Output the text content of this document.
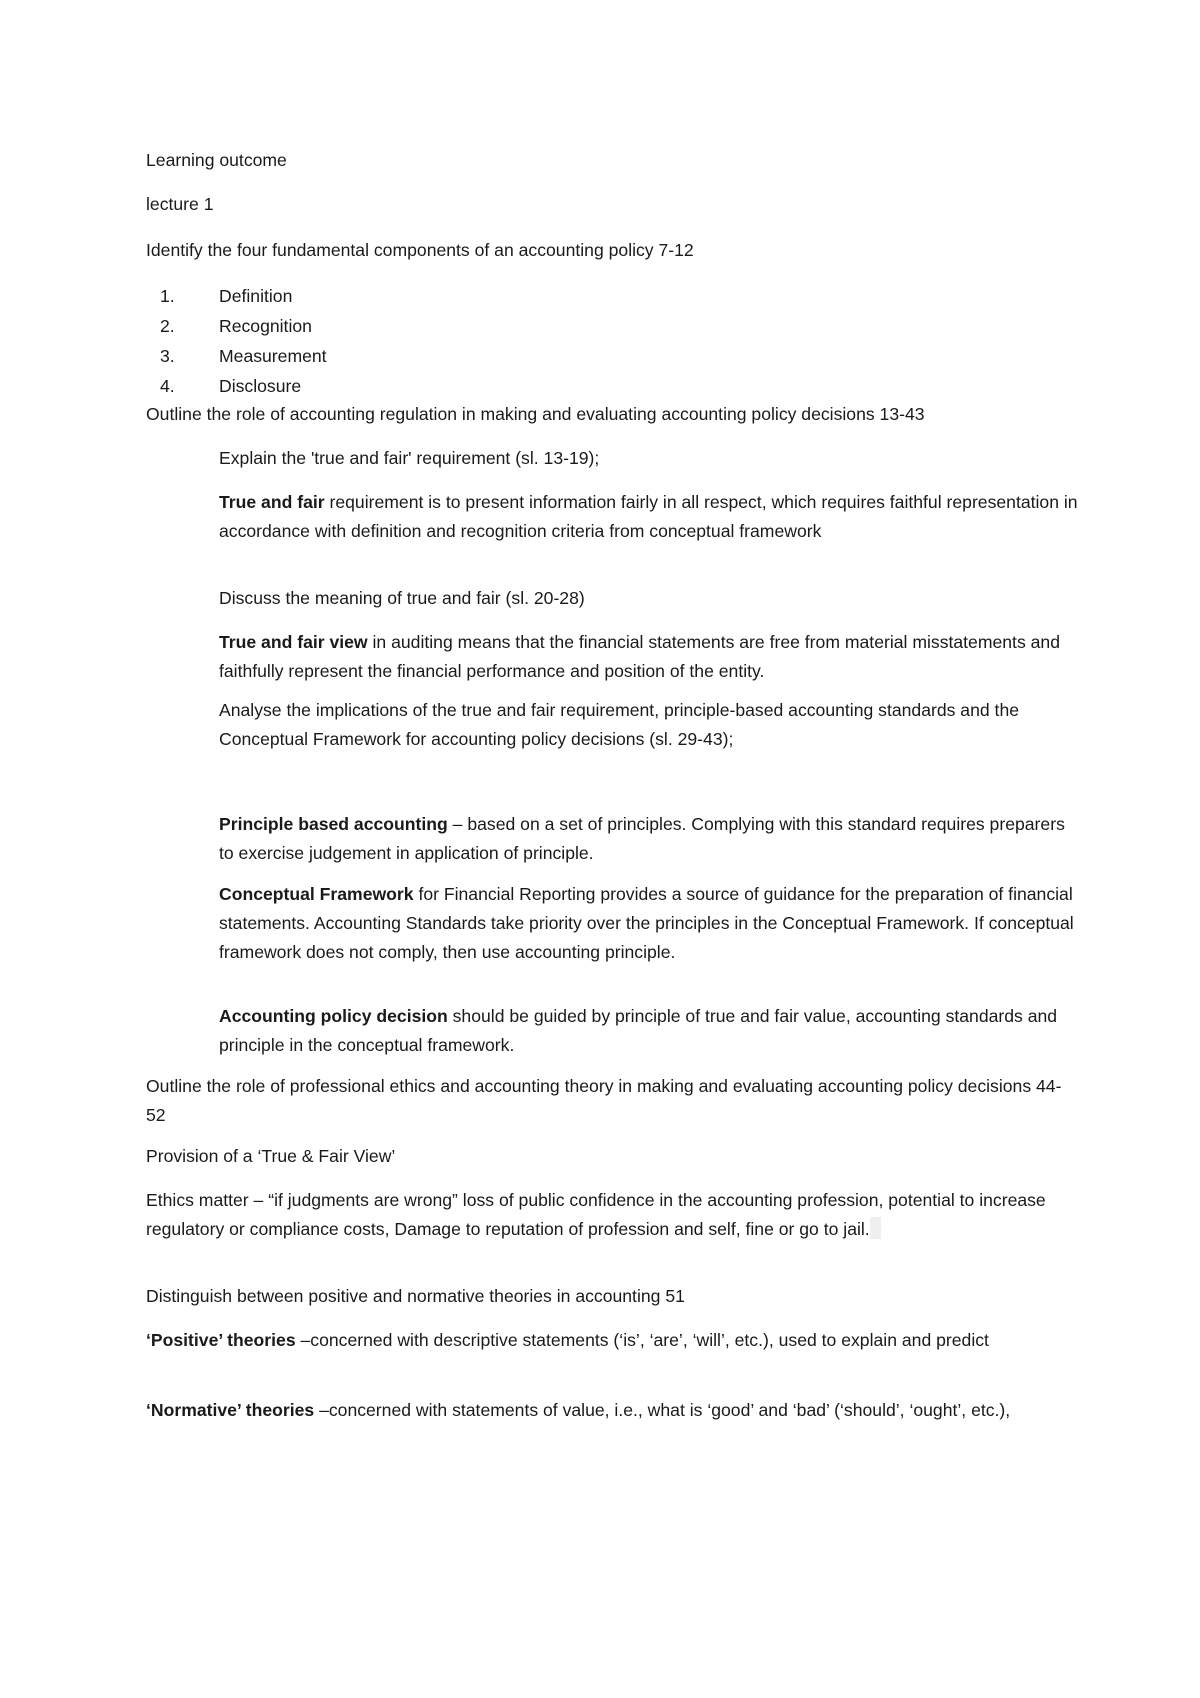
Learning outcome

lecture 1

Identify the four fundamental components of an accounting policy 7-12

1.	Definition
2.	Recognition
3.	Measurement
4.	Disclosure

Outline the role of accounting regulation in making and evaluating accounting policy decisions 13-43

Explain the 'true and fair' requirement (sl. 13-19);

True and fair requirement is to present information fairly in all respect, which requires faithful representation in accordance with definition and recognition criteria from conceptual framework

Discuss the meaning of true and fair (sl. 20-28)

True and fair view in auditing means that the financial statements are free from material misstatements and faithfully represent the financial performance and position of the entity.

Analyse the implications of the true and fair requirement, principle-based accounting standards and the Conceptual Framework for accounting policy decisions (sl. 29-43);

Principle based accounting – based on a set of principles. Complying with this standard requires preparers to exercise judgement in application of principle.

Conceptual Framework for Financial Reporting provides a source of guidance for the preparation of financial statements. Accounting Standards take priority over the principles in the Conceptual Framework. If conceptual framework does not comply, then use accounting principle.

Accounting policy decision should be guided by principle of true and fair value, accounting standards and principle in the conceptual framework.

Outline the role of professional ethics and accounting theory in making and evaluating accounting policy decisions 44-52

Provision of a ‘True & Fair View’

Ethics matter – “if judgments are wrong” loss of public confidence in the accounting profession, potential to increase regulatory or compliance costs, Damage to reputation of profession and self, fine or go to jail.

Distinguish between positive and normative theories in accounting 51

‘Positive’ theories –concerned with descriptive statements (‘is’, ‘are’, ‘will’, etc.), used to explain and predict

‘Normative’ theories –concerned with statements of value, i.e., what is ‘good’ and ‘bad’ (‘should’, ‘ought’, etc.),
